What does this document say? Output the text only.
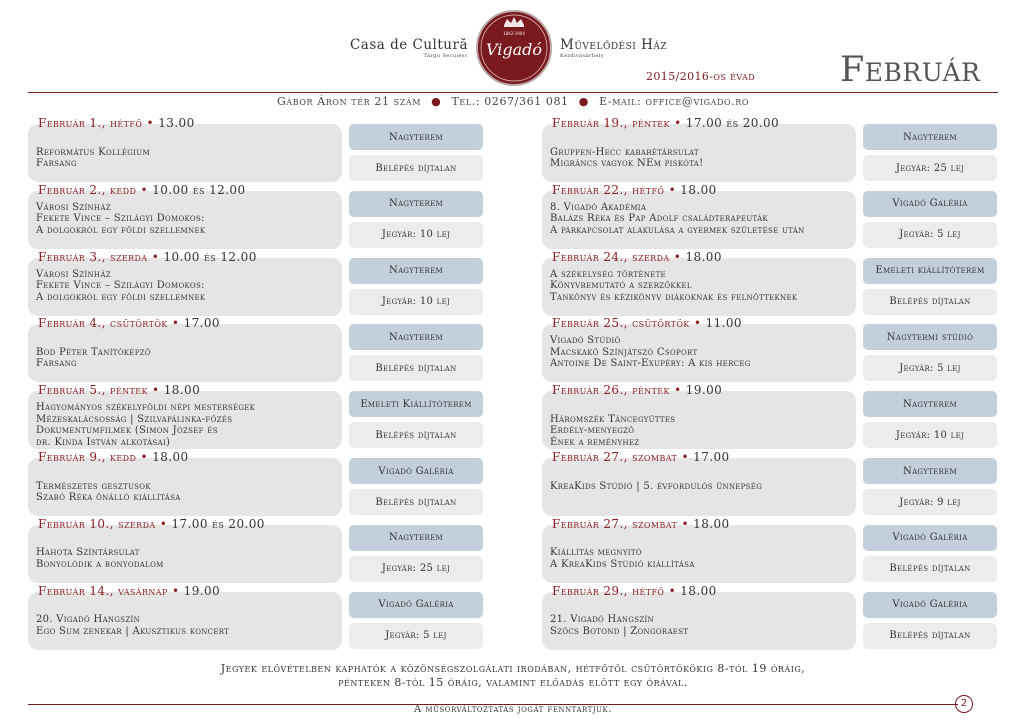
Casa de Cultură
Târgu Secuiesc
1842-1904
Vigadó Művelődési Ház
Kézdivásárhely
2015/2016-os évad Február
Gábor Áron tér 21 szám ● Tel.: 0267/361 081 ● E-mail: office@vigado.ro
Február 1., hétfő • 13.00

Református Kollégium
Farsang
Nagyterem
Belépés díjtalan
Február 2., kedd • 10.00 és 12.00
Városi Színház
Fekete Vince – Szilágyi Domokos:
A dolgokról egy földi szellemnek
Nagyterem
Jegyár: 10 lej
Február 3., szerda • 10.00 és 12.00
Városi Színház
Fekete Vince – Szilágyi Domokos:
A dolgokról egy földi szellemnek
Nagyterem
Jegyár: 10 lej
Február 4., csütörtök • 17.00

Bod Péter Tanítóképző
Farsang
Nagyterem
Belépés díjtalan
Február 5., péntek • 18.00
Hagyományos székelyföldi népi mesterségek
Mézeskalácsosság | Szilvapálinka-főzés
Dokumentumfilmek (Simon József és
dr. Kinda István alkotásai)
Emeleti Kiállítóterem
Belépés díjtalan
Február 9., kedd • 18.00

Természetes gesztusok
Szabó Réka önálló kiállítása
Vigadó Galéria
Belépés díjtalan
Február 10., szerda • 17.00 és 20.00

Hahota Színtársulat
Bonyolódik a bonyodalom
Nagyterem
Jegyár: 25 lej
Február 14., vasárnap • 19.00

20. Vigadó Hangszín
Ego Sum zenekar | Akusztikus koncert
Vigadó Galéria
Jegyár: 5 lej
Február 19., péntek • 17.00 és 20.00

Gruppen-Hecc kabarétársulat
Migráncs vagyok NEm piskóta!
Nagyterem
Jegyár: 25 lej
Február 22., hétfő • 18.00
8. Vigadó Akadémia
Balázs Réka és Pap Adolf családterapeuták
A párkapcsolat alakulása a gyermek születése után
Vigadó Galéria
Jegyár: 5 lej
Február 24., szerda • 18.00
A székelység története
Könyvbemutató a szerzőkkel
Tankönyv és kézikönyv diákoknak és felnőtteknek
Emeleti kiállítóterem
Belépés díjtalan
Február 25., csütörtök • 11.00
Vigadó Stúdió
Macskakő Színjátszó Csoport
Antoine De Saint-Exupéry: A kis herceg
Nagytermi stúdió
Jegyár: 5 lej
Február 26., péntek • 19.00

Háromszék Táncegyüttes
Erdély-menyegző
Ének a reményhez
Nagyterem
Jegyár: 10 lej
Február 27., szombat • 17.00

KreaKids Stúdió | 5. évfordulós ünnepség
Nagyterem
Jegyár: 9 lej
Február 27., szombat • 18.00

Kiállítás megnyitó
A KreaKids Stúdió kiállítása
Vigadó Galéria
Belépés díjtalan
Február 29., hétfő • 18.00

21. Vigadó Hangszín
Szőcs Botond | Zongoraest
Vigadó Galéria
Belépés díjtalan
Jegyek elővételben kaphatók a közönségszolgálati irodában, hétfőtől csütörtökökig 8-tól 19 óráig,
pénteken 8-tól 15 óráig, valamint előadás előtt egy órával.
A műsorváltoztatás jogát fenntartjuk.
2
